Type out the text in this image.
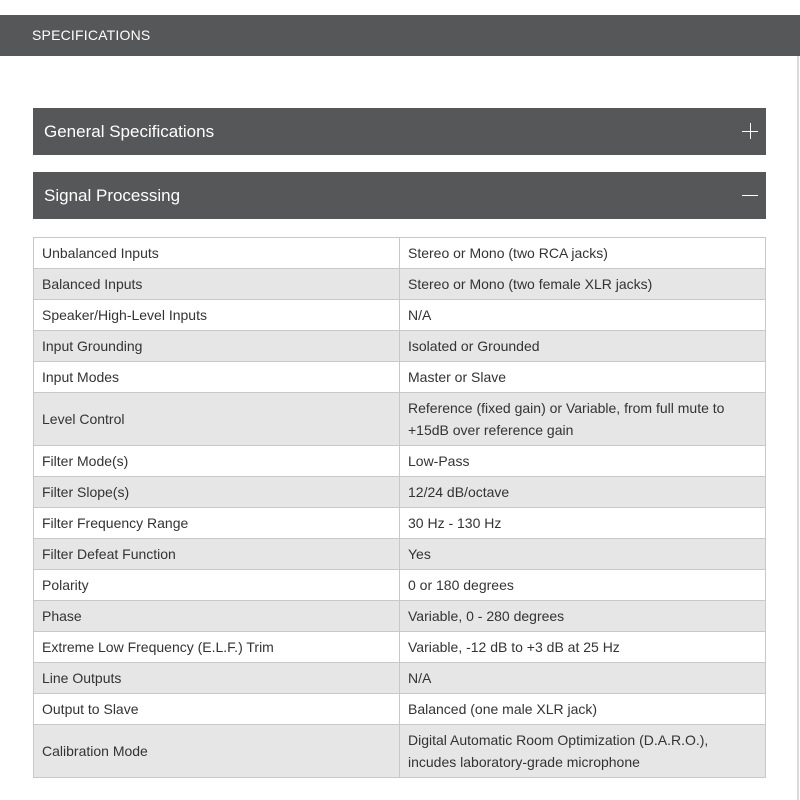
SPECIFICATIONS
General Specifications
Signal Processing
Unbalanced Inputs	Stereo or Mono (two RCA jacks)
Balanced Inputs	Stereo or Mono (two female XLR jacks)
Speaker/High-Level Inputs	N/A
Input Grounding	Isolated or Grounded
Input Modes	Master or Slave
Level Control	Reference (fixed gain) or Variable, from full mute to +15dB over reference gain
Filter Mode(s)	Low-Pass
Filter Slope(s)	12/24 dB/octave
Filter Frequency Range	30 Hz - 130 Hz
Filter Defeat Function	Yes
Polarity	0 or 180 degrees
Phase	Variable, 0 - 280 degrees
Extreme Low Frequency (E.L.F.) Trim	Variable, -12 dB to +3 dB at 25 Hz
Line Outputs	N/A
Output to Slave	Balanced (one male XLR jack)
Calibration Mode	Digital Automatic Room Optimization (D.A.R.O.), incudes laboratory-grade microphone
